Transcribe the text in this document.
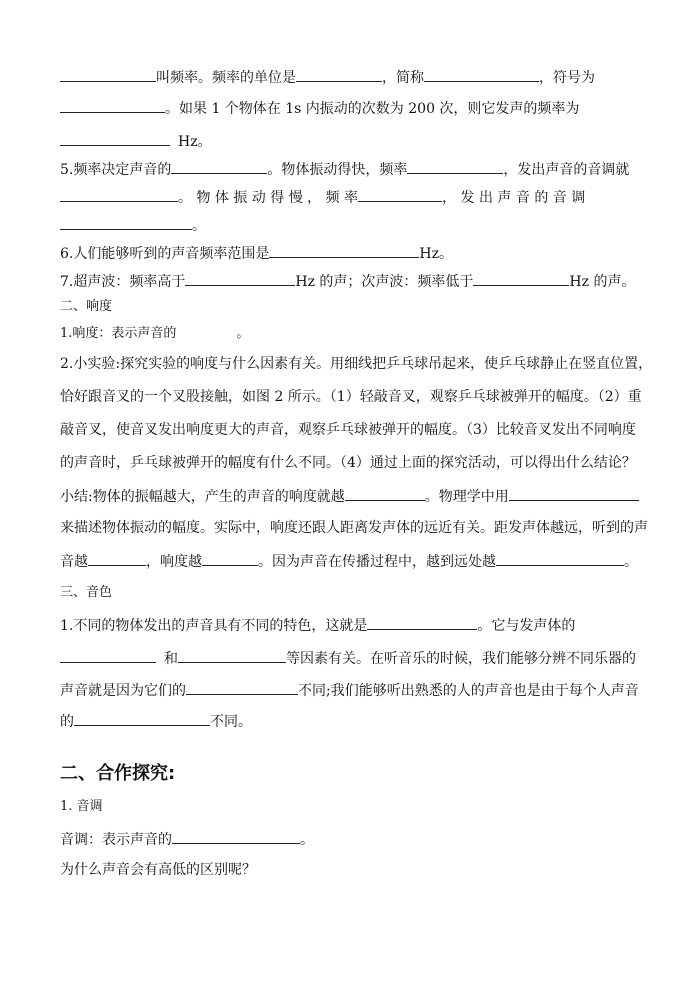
叫频率。频率的单位是	，简称	，符号为
。如果 1 个物体在 1s 内振动的次数为 200 次，则它发声的频率为
Hz。
5.频率决定声音的	。物体振动得快，频率	，发出声音的音调就
。 物 体 振 动 得 慢 ， 频 率	， 发 出 声 音 的 音 调
。
6.人们能够听到的声音频率范围是	Hz。
7.超声波：频率高于	Hz 的声；次声波：频率低于	Hz 的声。
二、响度
1.响度：表示声音的	。
2.小实验:探究实验的响度与什么因素有关。用细线把乒乓球吊起来，使乒乓球静止在竖直位置，
恰好跟音叉的一个叉股接触，如图 2 所示。（1）轻敲音叉，观察乒乓球被弹开的幅度。（2）重
敲音叉，使音叉发出响度更大的声音，观察乒乓球被弹开的幅度。（3）比较音叉发出不同响度
的声音时，乒乓球被弹开的幅度有什么不同。（4）通过上面的探究活动，可以得出什么结论？
小结:物体的振幅越大，产生的声音的响度就越	。物理学中用
来描述物体振动的幅度。实际中，响度还跟人距离发声体的远近有关。距发声体越远，听到的声
音越	，响度越	。因为声音在传播过程中，越到远处越	。
三、音色
1.不同的物体发出的声音具有不同的特色，这就是	。它与发声体的
和	等因素有关。在听音乐的时候，我们能够分辨不同乐器的
声音就是因为它们的	不同;我们能够听出熟悉的人的声音也是由于每个人声音
的	不同。
二、合作探究:
1. 音调
音调：表示声音的	。
为什么声音会有高低的区别呢？
